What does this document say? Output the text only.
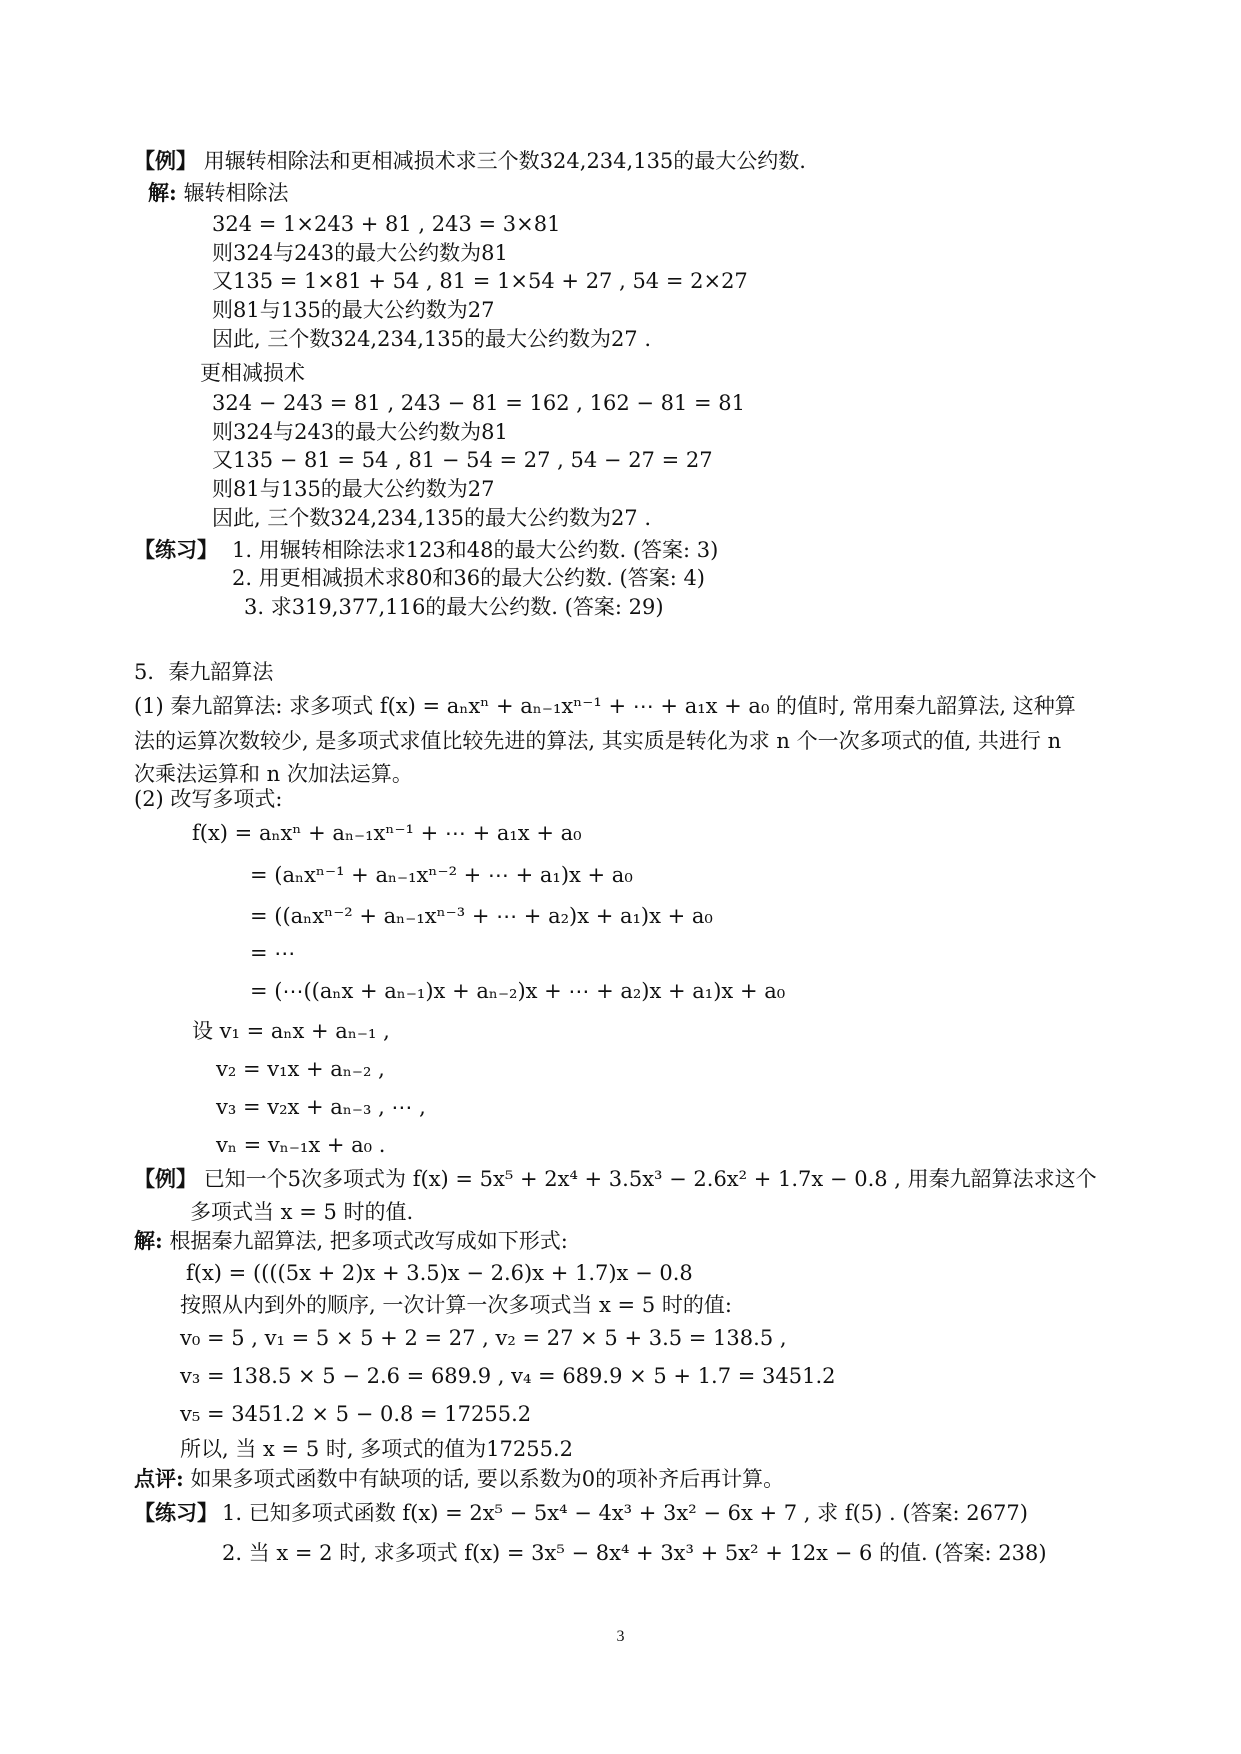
【例】 用辗转相除法和更相减损术求三个数324,234,135的最大公约数.
解: 辗转相除法
324 = 1×243 + 81 , 243 = 3×81
则324与243的最大公约数为81
又135 = 1×81 + 54 , 81 = 1×54 + 27 , 54 = 2×27
则81与135的最大公约数为27
因此, 三个数324,234,135的最大公约数为27 .
更相减损术
324 − 243 = 81 , 243 − 81 = 162 , 162 − 81 = 81
则324与243的最大公约数为81
又135 − 81 = 54 , 81 − 54 = 27 , 54 − 27 = 27
则81与135的最大公约数为27
因此, 三个数324,234,135的最大公约数为27 .
【练习】 1. 用辗转相除法求123和48的最大公约数. (答案: 3)
2. 用更相减损术求80和36的最大公约数. (答案: 4)
3. 求319,377,116的最大公约数. (答案: 29)
5．秦九韶算法
(1) 秦九韶算法: 求多项式 f(x) = aₙxⁿ + aₙ₋₁xⁿ⁻¹ + ⋯ + a₁x + a₀ 的值时, 常用秦九韶算法, 这种算
法的运算次数较少, 是多项式求值比较先进的算法, 其实质是转化为求 n 个一次多项式的值, 共进行 n
次乘法运算和 n 次加法运算。
(2) 改写多项式:
f(x) = aₙxⁿ + aₙ₋₁xⁿ⁻¹ + ⋯ + a₁x + a₀
= (aₙxⁿ⁻¹ + aₙ₋₁xⁿ⁻² + ⋯ + a₁)x + a₀
= ((aₙxⁿ⁻² + aₙ₋₁xⁿ⁻³ + ⋯ + a₂)x + a₁)x + a₀
= ⋯
= (⋯((aₙx + aₙ₋₁)x + aₙ₋₂)x + ⋯ + a₂)x + a₁)x + a₀
设 v₁ = aₙx + aₙ₋₁ ,
v₂ = v₁x + aₙ₋₂ ,
v₃ = v₂x + aₙ₋₃ , ⋯ ,
vₙ = vₙ₋₁x + a₀ .
【例】 已知一个5次多项式为 f(x) = 5x⁵ + 2x⁴ + 3.5x³ − 2.6x² + 1.7x − 0.8 , 用秦九韶算法求这个
多项式当 x = 5 时的值.
解: 根据秦九韶算法, 把多项式改写成如下形式:
f(x) = ((((5x + 2)x + 3.5)x − 2.6)x + 1.7)x − 0.8
按照从内到外的顺序, 一次计算一次多项式当 x = 5 时的值:
v₀ = 5 , v₁ = 5 × 5 + 2 = 27 , v₂ = 27 × 5 + 3.5 = 138.5 ,
v₃ = 138.5 × 5 − 2.6 = 689.9 , v₄ = 689.9 × 5 + 1.7 = 3451.2
v₅ = 3451.2 × 5 − 0.8 = 17255.2
所以, 当 x = 5 时, 多项式的值为17255.2
点评: 如果多项式函数中有缺项的话, 要以系数为0的项补齐后再计算。
【练习】 1. 已知多项式函数 f(x) = 2x⁵ − 5x⁴ − 4x³ + 3x² − 6x + 7 , 求 f(5) . (答案: 2677)
2. 当 x = 2 时, 求多项式 f(x) = 3x⁵ − 8x⁴ + 3x³ + 5x² + 12x − 6 的值. (答案: 238)
3
